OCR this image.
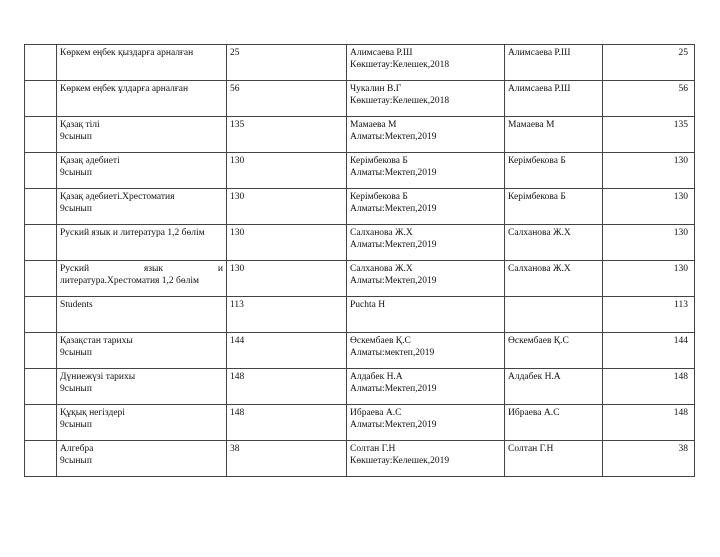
	Көркем еңбек қыздарға арналған	25	Алимсаева Р.Ш
Көкшетау:Келешек,2018	Алимсаева Р.Ш	25

	Көркем еңбек ұлдарға арналған	56	Чукалин В.Г
Көкшетау:Келешек,2018	Алимсаева Р.Ш	56

	Қазақ тілі
9сынып	135	Мамаева М
Алматы:Мектеп,2019	Мамаева М	135

	Қазақ әдебиеті
9сынып	130	Керімбекова Б
Алматы:Мектеп,2019	Керімбекова Б	130

	Қазақ әдебиеті.Хрестоматия
9сынып	130	Керімбекова Б
Алматы:Мектеп,2019	Керімбекова Б	130

	Руский язык и литература 1,2 бөлім	130	Салханова Ж.Х
Алматы:Мектеп,2019	Салханова Ж.Х	130

	Руский язык и
литература.Хрестоматия 1,2 бөлім	130	Салханова Ж.Х
Алматы:Мектеп,2019	Салханова Ж.Х	130

	Students	113	Puchta H		113

	Қазақстан тарихы
9сынып	144	Өскембаев Қ.С
Алматы:мектеп,2019	Өскембаев Қ.С	144

	Дүниежүзі тарихы
9сынып	148	Алдабек Н.А
Алматы:Мектеп,2019	Алдабек Н.А	148

	Құқық негіздері
9сынып	148	Ибраева А.С
Алматы:Мектеп,2019	Ибраева А.С	148

	Алгебра
9сынып	38	Солтан Г.Н
Көкшетау:Келешек,2019	Солтан Г.Н	38
